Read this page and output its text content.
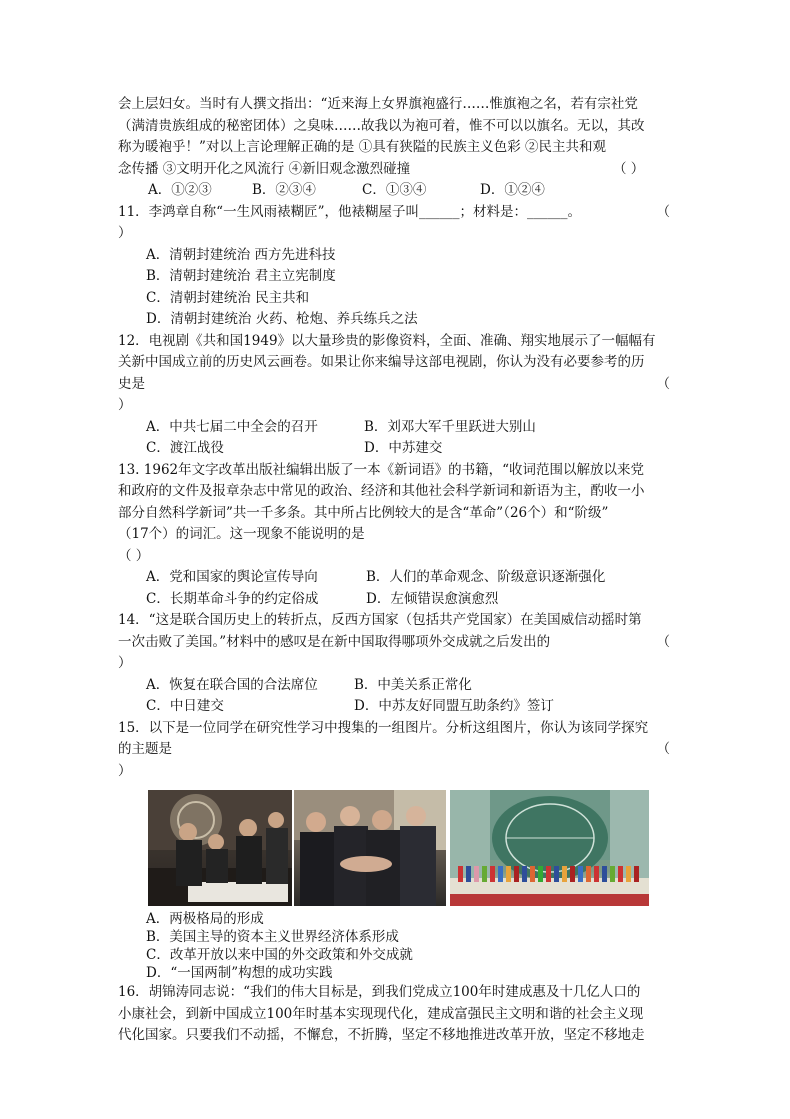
会上层妇女。当时有人撰文指出：“近来海上女界旗袍盛行……惟旗袍之名，若有宗社党
（满清贵族组成的秘密团体）之臭味……故我以为袍可着，惟不可以以旗名。无以，其改
称为暖袍乎！”对以上言论理解正确的是 ①具有狭隘的民族主义色彩 ②民主共和观
念传播 ③文明开化之风流行 ④新旧观念激烈碰撞	（ ）
A．①②③	B．②③④	C．①③④	D．①②④
11．李鸿章自称“一生风雨裱糊匠”，他裱糊屋子叫______；材料是：______。	（
）
A．清朝封建统治 西方先进科技
B．清朝封建统治 君主立宪制度
C．清朝封建统治 民主共和
D．清朝封建统治 火药、枪炮、养兵练兵之法
12．电视剧《共和国1949》以大量珍贵的影像资料，全面、准确、翔实地展示了一幅幅有
关新中国成立前的历史风云画卷。如果让你来编导这部电视剧，你认为没有必要参考的历
史是	（
）
A．中共七届二中全会的召开	B．刘邓大军千里跃进大别山
C．渡江战役	D．中苏建交
13. 1962年文字改革出版社编辑出版了一本《新词语》的书籍，“收词范围以解放以来党
和政府的文件及报章杂志中常见的政治、经济和其他社会科学新词和新语为主，酌收一小
部分自然科学新词”共一千多条。其中所占比例较大的是含“革命”（26个）和“阶级”
（17个）的词汇。这一现象不能说明的是
（ ）
A．党和国家的舆论宣传导向	B．人们的革命观念、阶级意识逐渐强化
C．长期革命斗争的约定俗成	D．左倾错误愈演愈烈
14．“这是联合国历史上的转折点，反西方国家（包括共产党国家）在美国威信动摇时第
一次击败了美国。”材料中的感叹是在新中国取得哪项外交成就之后发出的	（
）
A．恢复在联合国的合法席位	B．中美关系正常化
C．中日建交	D．中苏友好同盟互助条约》签订
15．以下是一位同学在研究性学习中搜集的一组图片。分析这组图片，你认为该同学探究
的主题是	（
）
A．两极格局的形成
B．美国主导的资本主义世界经济体系形成
C．改革开放以来中国的外交政策和外交成就
D．“一国两制”构想的成功实践
16．胡锦涛同志说：“我们的伟大目标是，到我们党成立100年时建成惠及十几亿人口的
小康社会，到新中国成立100年时基本实现现代化，建成富强民主文明和谐的社会主义现
代化国家。只要我们不动摇，不懈怠，不折腾，坚定不移地推进改革开放，坚定不移地走
